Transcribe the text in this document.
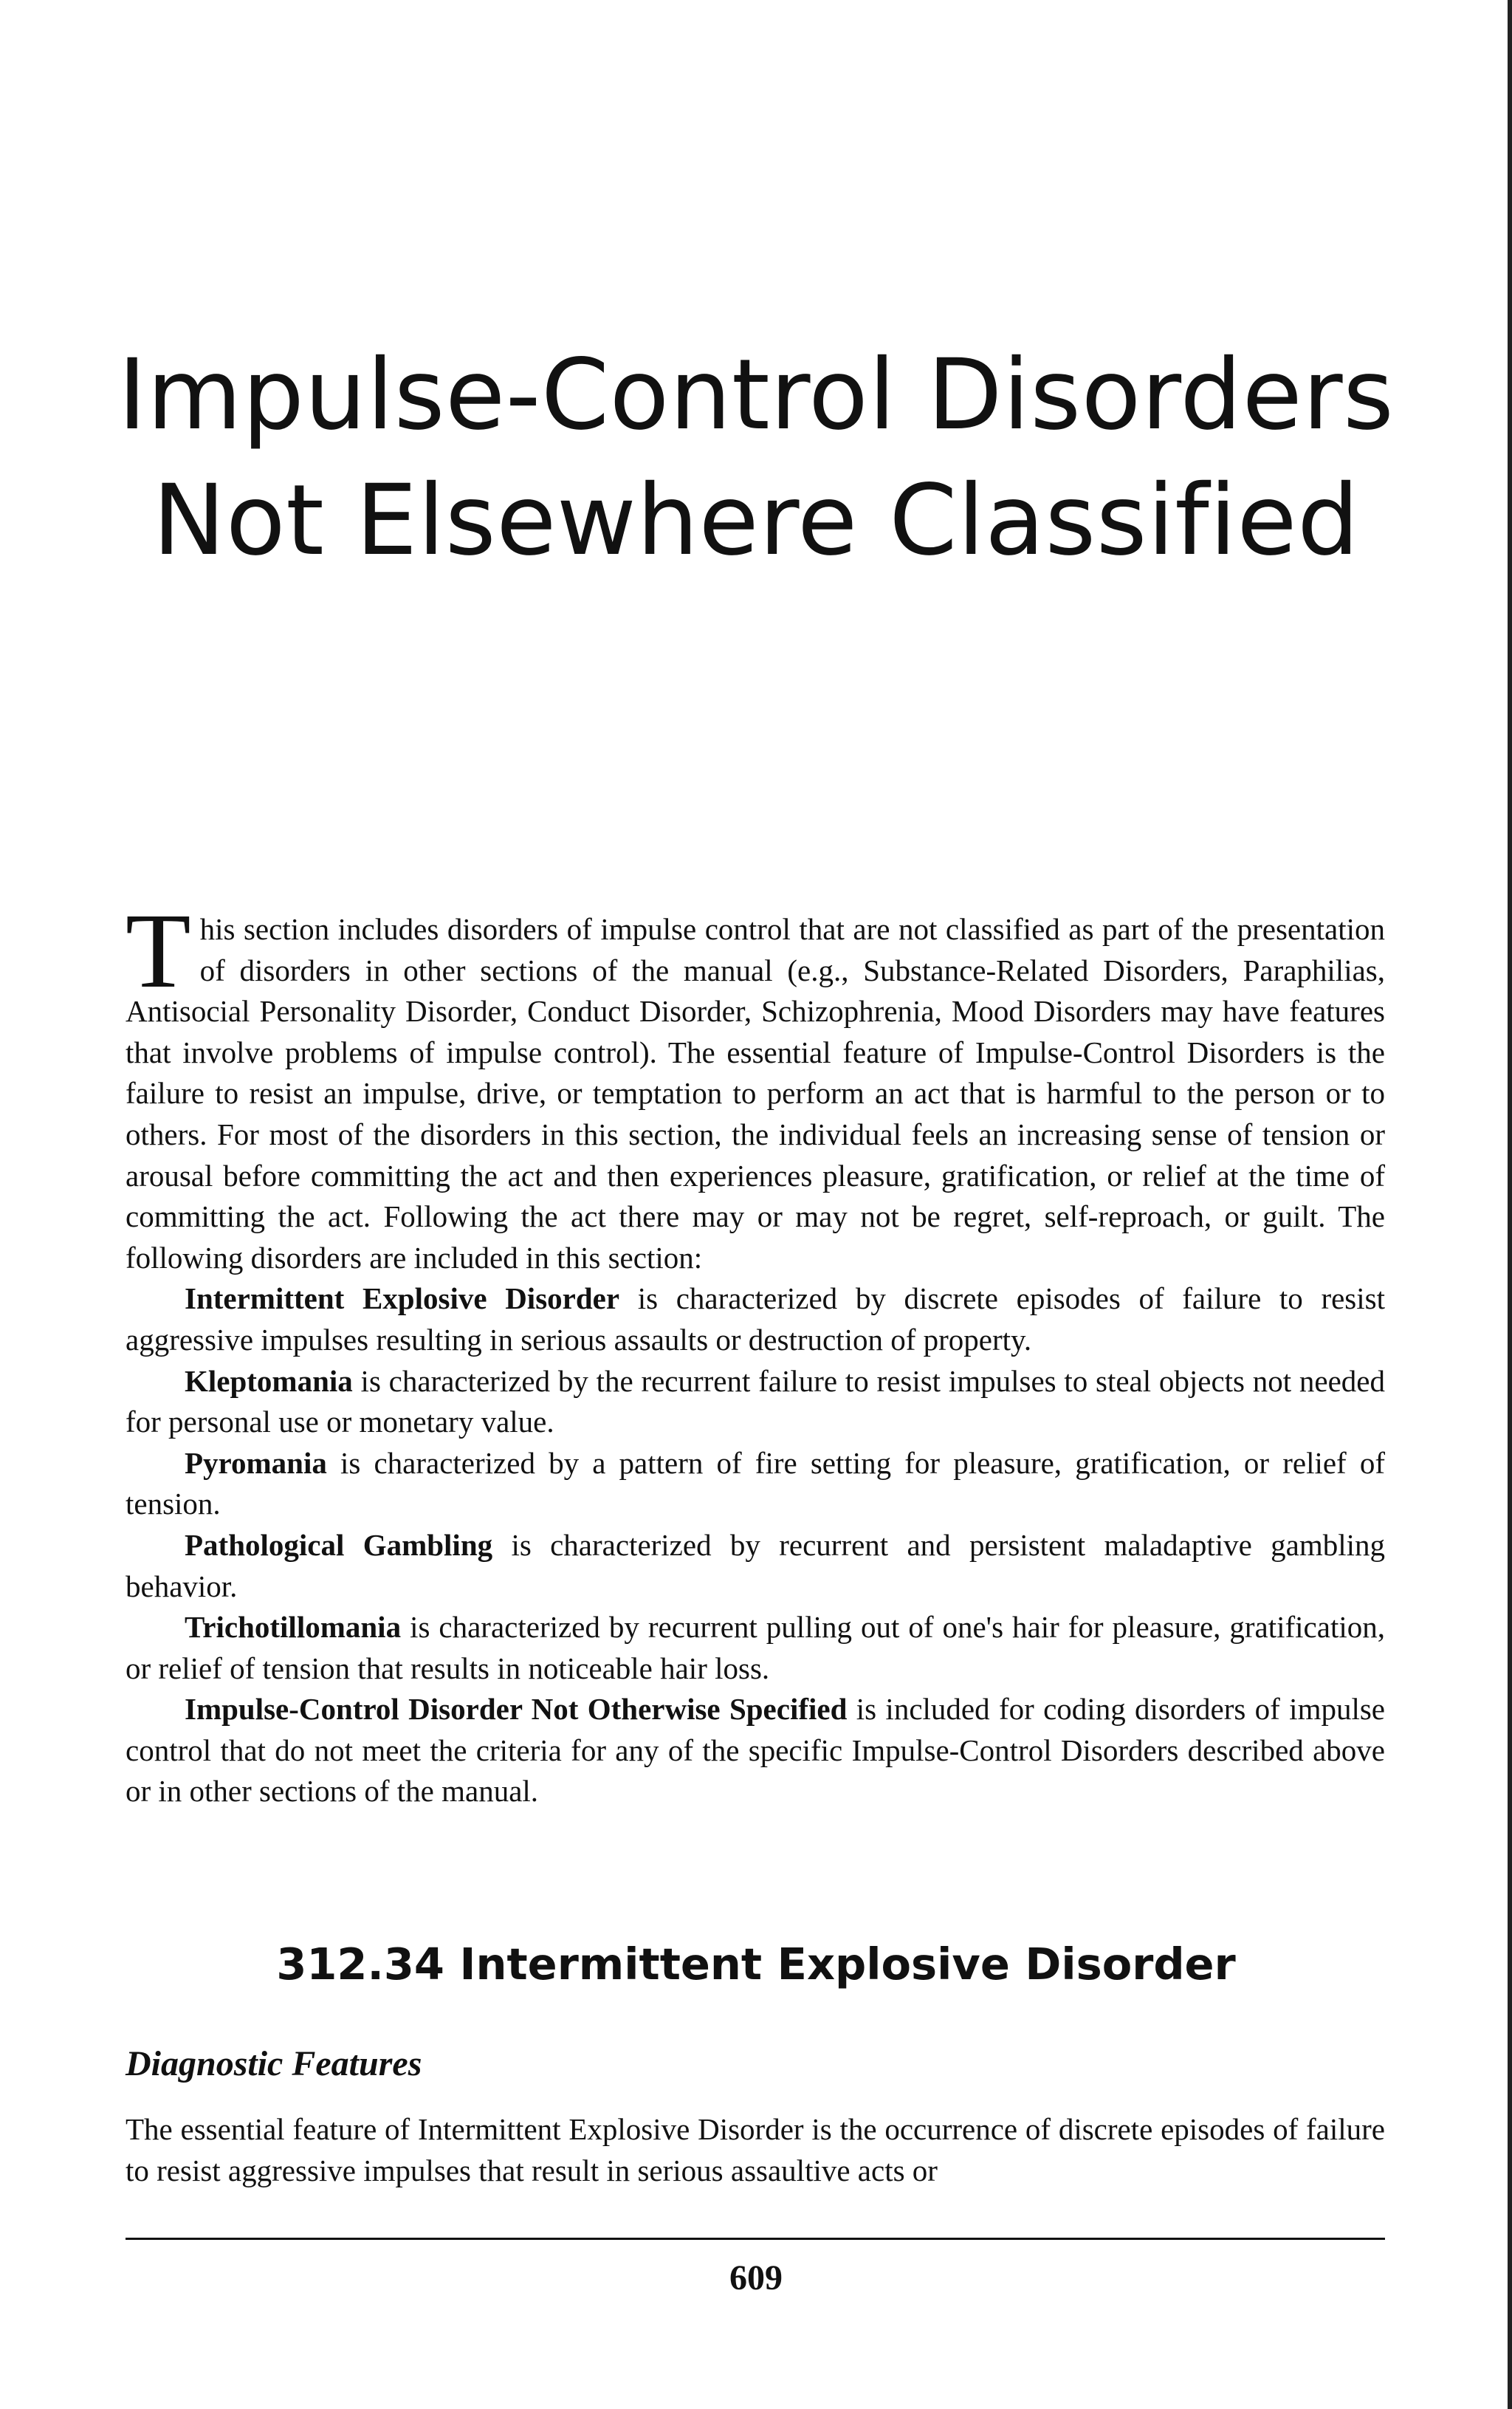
Impulse-Control Disorders
Not Elsewhere Classified

This section includes disorders of impulse control that are not classified as part of the presentation of disorders in other sections of the manual (e.g., Substance-Related Disorders, Paraphilias, Antisocial Personality Disorder, Conduct Disorder, Schizophrenia, Mood Disorders may have features that involve problems of impulse control). The essential feature of Impulse-Control Disorders is the failure to resist an impulse, drive, or temptation to perform an act that is harmful to the person or to others. For most of the disorders in this section, the individual feels an increasing sense of tension or arousal before committing the act and then experiences pleasure, gratification, or relief at the time of committing the act. Following the act there may or may not be regret, self-reproach, or guilt. The following disorders are included in this section:

Intermittent Explosive Disorder is characterized by discrete episodes of failure to resist aggressive impulses resulting in serious assaults or destruction of property.

Kleptomania is characterized by the recurrent failure to resist impulses to steal objects not needed for personal use or monetary value.

Pyromania is characterized by a pattern of fire setting for pleasure, gratification, or relief of tension.

Pathological Gambling is characterized by recurrent and persistent maladaptive gambling behavior.

Trichotillomania is characterized by recurrent pulling out of one's hair for pleasure, gratification, or relief of tension that results in noticeable hair loss.

Impulse-Control Disorder Not Otherwise Specified is included for coding disorders of impulse control that do not meet the criteria for any of the specific Impulse-Control Disorders described above or in other sections of the manual.

312.34 Intermittent Explosive Disorder
Diagnostic Features

The essential feature of Intermittent Explosive Disorder is the occurrence of discrete episodes of failure to resist aggressive impulses that result in serious assaultive acts or

609
